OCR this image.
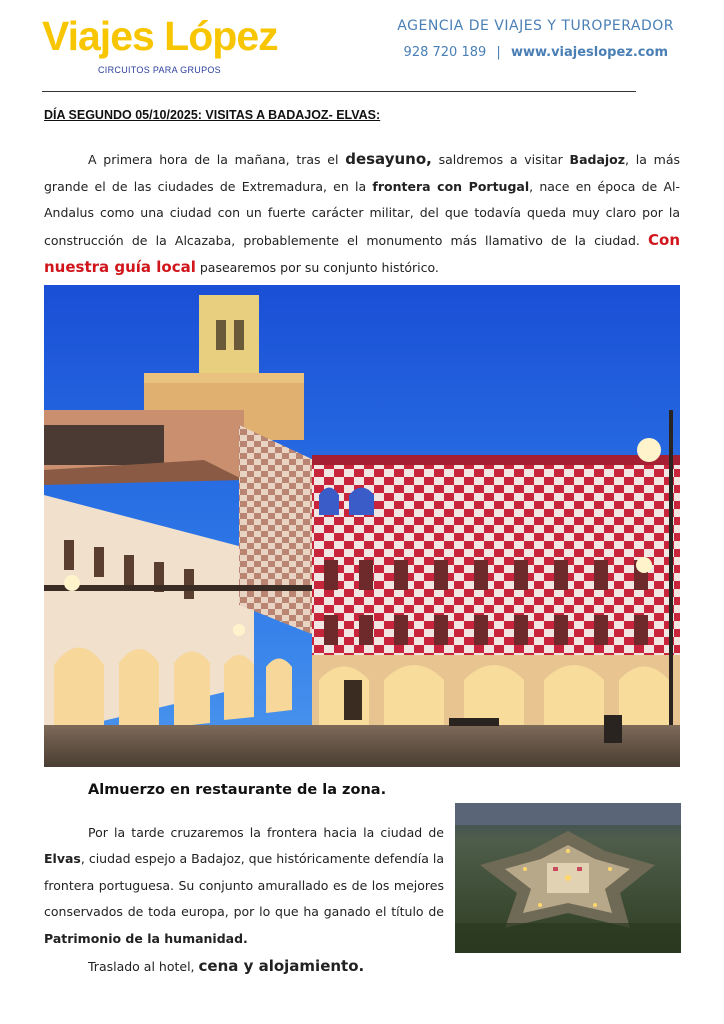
Viajes López
CIRCUITOS PARA GRUPOS
AGENCIA DE VIAJES Y TUROPERADOR
928 720 189 | www.viajeslopez.com
DÍA SEGUNDO 05/10/2025: VISITAS A BADAJOZ- ELVAS:
A primera hora de la mañana, tras el desayuno, saldremos a visitar Badajoz, la más grande el de las ciudades de Extremadura, en la frontera con Portugal, nace en época de Al-Andalus como una ciudad con un fuerte carácter militar, del que todavía queda muy claro por la construcción de la Alcazaba, probablemente el monumento más llamativo de la ciudad. Con nuestra guía local pasearemos por su conjunto histórico.
Almuerzo en restaurante de la zona.
Por la tarde cruzaremos la frontera hacia la ciudad de Elvas, ciudad espejo a Badajoz, que históricamente defendía la frontera portuguesa. Su conjunto amurallado es de los mejores conservados de toda europa, por lo que ha ganado el título de Patrimonio de la humanidad.
Traslado al hotel, cena y alojamiento.
